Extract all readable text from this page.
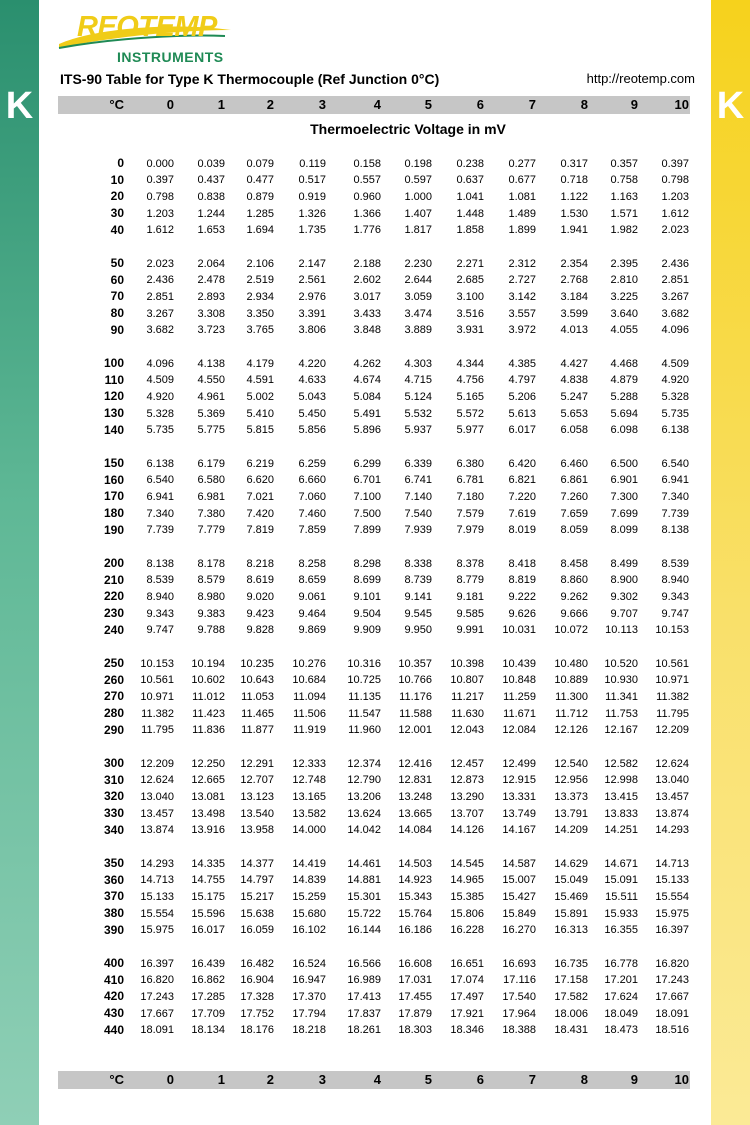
K	K
REOTEMP
INSTRUMENTS
ITS-90 Table for Type K Thermocouple (Ref Junction 0°C)	http://reotemp.com
°C	0	1	2	3	4	5	6	7	8	9	10
Thermoelectric Voltage in mV
°C	0	1	2	3	4	5	6	7	8	9	10
0	0.000	0.039	0.079	0.119	0.158	0.198	0.238	0.277	0.317	0.357	0.397
10	0.397	0.437	0.477	0.517	0.557	0.597	0.637	0.677	0.718	0.758	0.798
20	0.798	0.838	0.879	0.919	0.960	1.000	1.041	1.081	1.122	1.163	1.203
30	1.203	1.244	1.285	1.326	1.366	1.407	1.448	1.489	1.530	1.571	1.612
40	1.612	1.653	1.694	1.735	1.776	1.817	1.858	1.899	1.941	1.982	2.023
50	2.023	2.064	2.106	2.147	2.188	2.230	2.271	2.312	2.354	2.395	2.436
60	2.436	2.478	2.519	2.561	2.602	2.644	2.685	2.727	2.768	2.810	2.851
70	2.851	2.893	2.934	2.976	3.017	3.059	3.100	3.142	3.184	3.225	3.267
80	3.267	3.308	3.350	3.391	3.433	3.474	3.516	3.557	3.599	3.640	3.682
90	3.682	3.723	3.765	3.806	3.848	3.889	3.931	3.972	4.013	4.055	4.096
100	4.096	4.138	4.179	4.220	4.262	4.303	4.344	4.385	4.427	4.468	4.509
110	4.509	4.550	4.591	4.633	4.674	4.715	4.756	4.797	4.838	4.879	4.920
120	4.920	4.961	5.002	5.043	5.084	5.124	5.165	5.206	5.247	5.288	5.328
130	5.328	5.369	5.410	5.450	5.491	5.532	5.572	5.613	5.653	5.694	5.735
140	5.735	5.775	5.815	5.856	5.896	5.937	5.977	6.017	6.058	6.098	6.138
150	6.138	6.179	6.219	6.259	6.299	6.339	6.380	6.420	6.460	6.500	6.540
160	6.540	6.580	6.620	6.660	6.701	6.741	6.781	6.821	6.861	6.901	6.941
170	6.941	6.981	7.021	7.060	7.100	7.140	7.180	7.220	7.260	7.300	7.340
180	7.340	7.380	7.420	7.460	7.500	7.540	7.579	7.619	7.659	7.699	7.739
190	7.739	7.779	7.819	7.859	7.899	7.939	7.979	8.019	8.059	8.099	8.138
200	8.138	8.178	8.218	8.258	8.298	8.338	8.378	8.418	8.458	8.499	8.539
210	8.539	8.579	8.619	8.659	8.699	8.739	8.779	8.819	8.860	8.900	8.940
220	8.940	8.980	9.020	9.061	9.101	9.141	9.181	9.222	9.262	9.302	9.343
230	9.343	9.383	9.423	9.464	9.504	9.545	9.585	9.626	9.666	9.707	9.747
240	9.747	9.788	9.828	9.869	9.909	9.950	9.991	10.031	10.072	10.113	10.153
250	10.153	10.194	10.235	10.276	10.316	10.357	10.398	10.439	10.480	10.520	10.561
260	10.561	10.602	10.643	10.684	10.725	10.766	10.807	10.848	10.889	10.930	10.971
270	10.971	11.012	11.053	11.094	11.135	11.176	11.217	11.259	11.300	11.341	11.382
280	11.382	11.423	11.465	11.506	11.547	11.588	11.630	11.671	11.712	11.753	11.795
290	11.795	11.836	11.877	11.919	11.960	12.001	12.043	12.084	12.126	12.167	12.209
300	12.209	12.250	12.291	12.333	12.374	12.416	12.457	12.499	12.540	12.582	12.624
310	12.624	12.665	12.707	12.748	12.790	12.831	12.873	12.915	12.956	12.998	13.040
320	13.040	13.081	13.123	13.165	13.206	13.248	13.290	13.331	13.373	13.415	13.457
330	13.457	13.498	13.540	13.582	13.624	13.665	13.707	13.749	13.791	13.833	13.874
340	13.874	13.916	13.958	14.000	14.042	14.084	14.126	14.167	14.209	14.251	14.293
350	14.293	14.335	14.377	14.419	14.461	14.503	14.545	14.587	14.629	14.671	14.713
360	14.713	14.755	14.797	14.839	14.881	14.923	14.965	15.007	15.049	15.091	15.133
370	15.133	15.175	15.217	15.259	15.301	15.343	15.385	15.427	15.469	15.511	15.554
380	15.554	15.596	15.638	15.680	15.722	15.764	15.806	15.849	15.891	15.933	15.975
390	15.975	16.017	16.059	16.102	16.144	16.186	16.228	16.270	16.313	16.355	16.397
400	16.397	16.439	16.482	16.524	16.566	16.608	16.651	16.693	16.735	16.778	16.820
410	16.820	16.862	16.904	16.947	16.989	17.031	17.074	17.116	17.158	17.201	17.243
420	17.243	17.285	17.328	17.370	17.413	17.455	17.497	17.540	17.582	17.624	17.667
430	17.667	17.709	17.752	17.794	17.837	17.879	17.921	17.964	18.006	18.049	18.091
440	18.091	18.134	18.176	18.218	18.261	18.303	18.346	18.388	18.431	18.473	18.516
